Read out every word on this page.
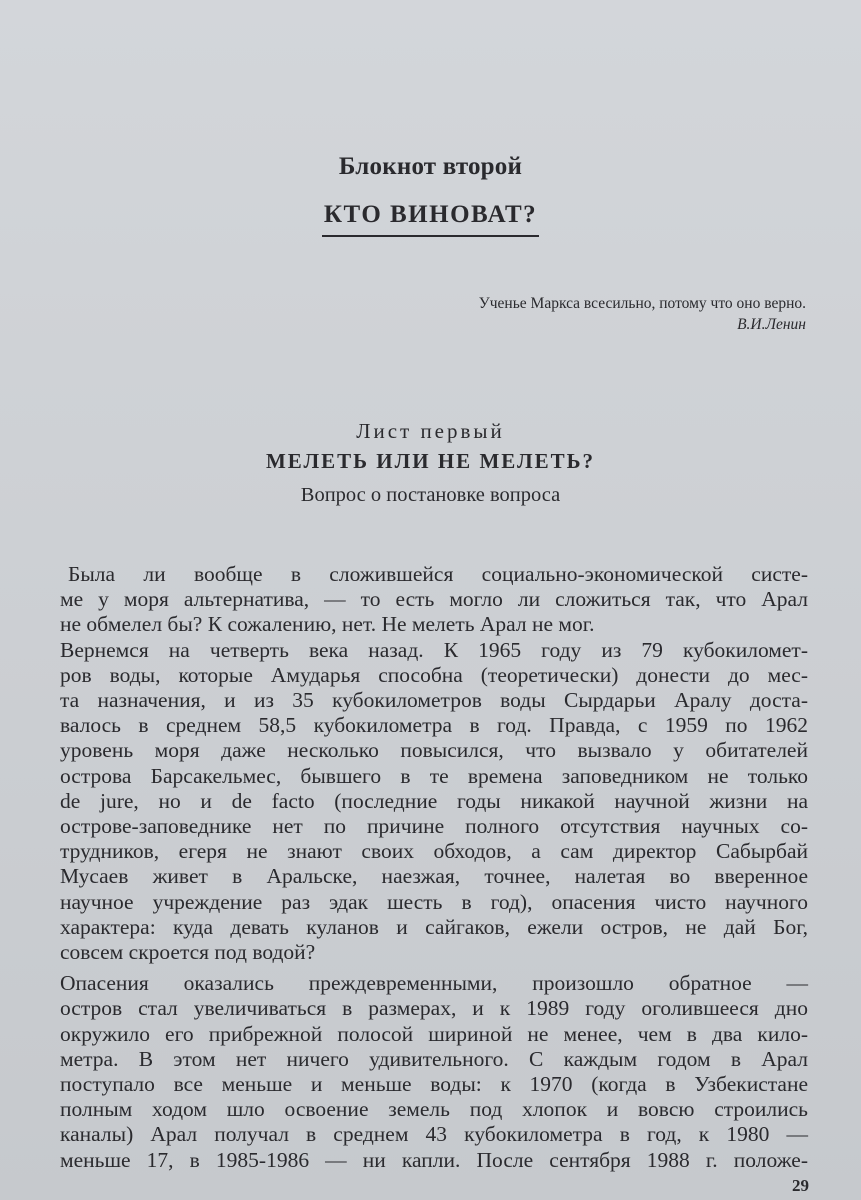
Блокнот второй
КТО ВИНОВАТ?
Ученье Маркса всесильно, потому что оно верно.
В.И.Ленин
Лист первый
МЕЛЕТЬ ИЛИ НЕ МЕЛЕТЬ?
Вопрос о постановке вопроса

Была ли вообще в сложившейся социально-экономической систе-
ме у моря альтернатива, — то есть могло ли сложиться так, что Арал
не обмелел бы? К сожалению, нет. Не мелеть Арал не мог.

Вернемся на четверть века назад. К 1965 году из 79 кубокиломет-
ров воды, которые Амударья способна (теоретически) донести до мес-
та назначения, и из 35 кубокилометров воды Сырдарьи Аралу доста-
валось в среднем 58,5 кубокилометра в год. Правда, с 1959 по 1962
уровень моря даже несколько повысился, что вызвало у обитателей
острова Барсакельмес, бывшего в те времена заповедником не только
de jure, но и de facto (последние годы никакой научной жизни на
острове-заповеднике нет по причине полного отсутствия научных со-
трудников, егеря не знают своих обходов, а сам директор Сабырбай
Мусаев живет в Аральске, наезжая, точнее, налетая во вверенное
научное учреждение раз эдак шесть в год), опасения чисто научного
характера: куда девать куланов и сайгаков, ежели остров, не дай Бог,
совсем скроется под водой?

Опасения оказались преждевременными, произошло обратное —
остров стал увеличиваться в размерах, и к 1989 году оголившееся дно
окружило его прибрежной полосой шириной не менее, чем в два кило-
метра. В этом нет ничего удивительного. С каждым годом в Арал
поступало все меньше и меньше воды: к 1970 (когда в Узбекистане
полным ходом шло освоение земель под хлопок и вовсю строились
каналы) Арал получал в среднем 43 кубокилометра в год, к 1980 —
меньше 17, в 1985-1986 — ни капли. После сентября 1988 г. положе-

29
